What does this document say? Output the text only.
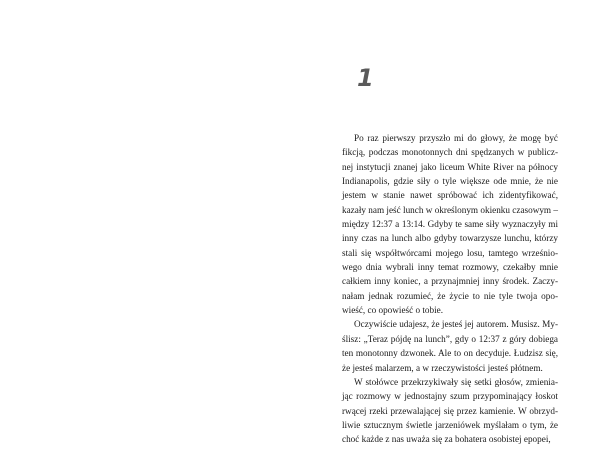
1

Po raz pierwszy przyszło mi do głowy, że mogę być fikcją, podczas monotonnych dni spędzanych w publicznej instytucji znanej jako liceum White River na północy Indianapolis, gdzie siły o tyle większe ode mnie, że nie jestem w stanie nawet spróbować ich zidentyfikować, kazały nam jeść lunch w określonym okienku czasowym – między 12:37 a 13:14. Gdyby te same siły wyznaczyły mi inny czas na lunch albo gdyby towarzysze lunchu, którzy stali się współtwórcami mojego losu, tamtego wrześniowego dnia wybrali inny temat rozmowy, czekałby mnie całkiem inny koniec, a przynajmniej inny środek. Zaczynałam jednak rozumieć, że życie to nie tyle twoja opowieść, co opowieść o tobie.

Oczywiście udajesz, że jesteś jej autorem. Musisz. Myślisz: „Teraz pójdę na lunch”, gdy o 12:37 z góry dobiega ten monotonny dzwonek. Ale to on decyduje. Łudzisz się, że jesteś malarzem, a w rzeczywistości jesteś płótnem.

W stołówce przekrzykiwały się setki głosów, zmieniając rozmowy w jednostajny szum przypominający łoskot rwącej rzeki przewalającej się przez kamienie. W obrzydliwie sztucznym świetle jarzeniówek myślałam o tym, że choć każde z nas uważa się za bohatera osobistej epopei,
